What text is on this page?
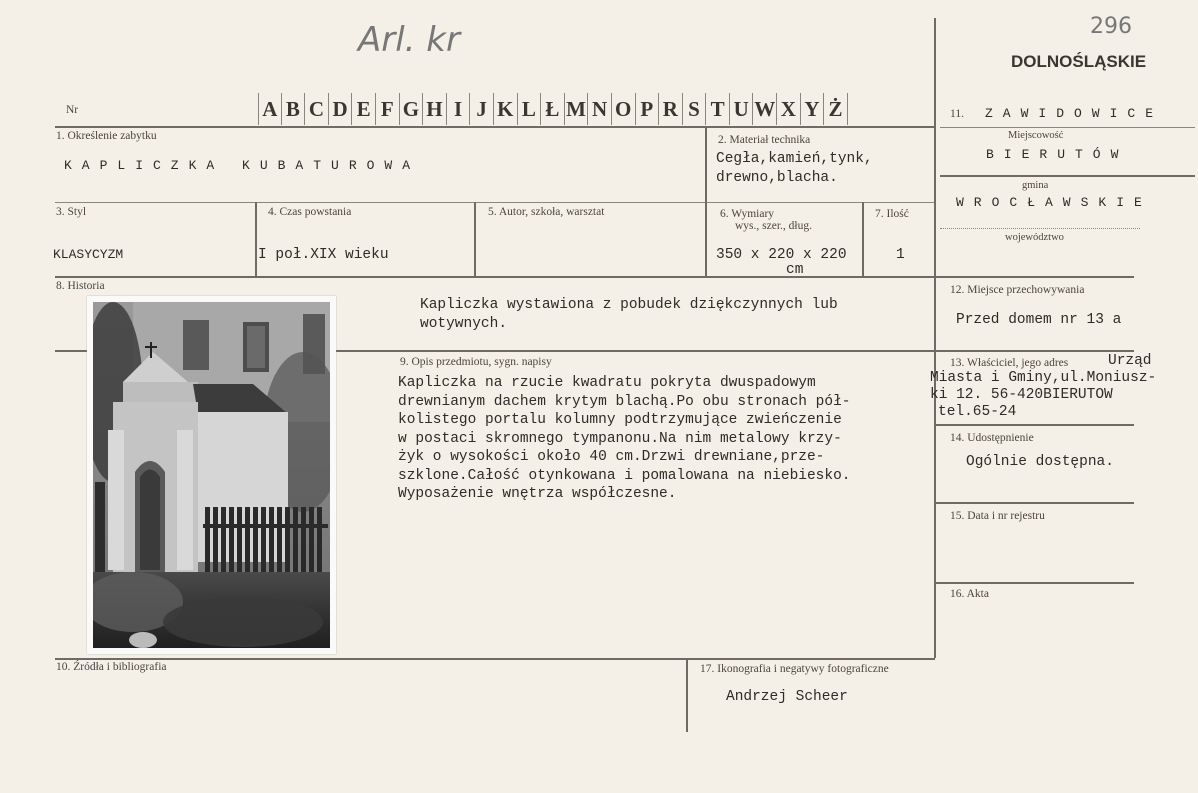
Arl. kr	296
DOLNOŚLĄSKIE
Nr	A B C D E F G H I J K L Ł M N O P R S T U W X Y Ż
1. Określenie zabytku
KAPLICZKA KUBATUROWA
2. Materiał technika
Cegła,kamień,tynk,
drewno,blacha.
3. Styl
KLASYCYZM
4. Czas powstania
I poł.XIX wieku
5. Autor, szkoła, warsztat	6. Wymiary
wys., szer., dług.
350 x 220 x 220
cm
7. Ilość
1
8. Historia
Kapliczka wystawiona z pobudek dziękczynnych lub
wotywnych.
9. Opis przedmiotu, sygn. napisy
Kapliczka na rzucie kwadratu pokryta dwuspadowym
drewnianym dachem krytym blachą.Po obu stronach pół-
kolistego portalu kolumny podtrzymujące zwieńczenie
w postaci skromnego tympanonu.Na nim metalowy krzy-
żyk o wysokości około 40 cm.Drzwi drewniane,prze-
szklone.Całość otynkowana i pomalowana na niebiesko.
Wyposażenie wnętrza współczesne.
10. Źródła i bibliografia	17. Ikonografia i negatywy fotograficzne
Andrzej Scheer
11. ZAWIDOWICE
Miejscowość
BIERUTÓW
gmina
WROCŁAWSKIE
województwo
12. Miejsce przechowywania
Przed domem nr 13 a
13. Właściciel, jego adres	Urząd
Miasta i Gminy,ul.Moniusz-
ki 12. 56-420BIERUTOW
tel.65-24
14. Udostępnienie
Ogólnie dostępna.
15. Data i nr rejestru
16. Akta
